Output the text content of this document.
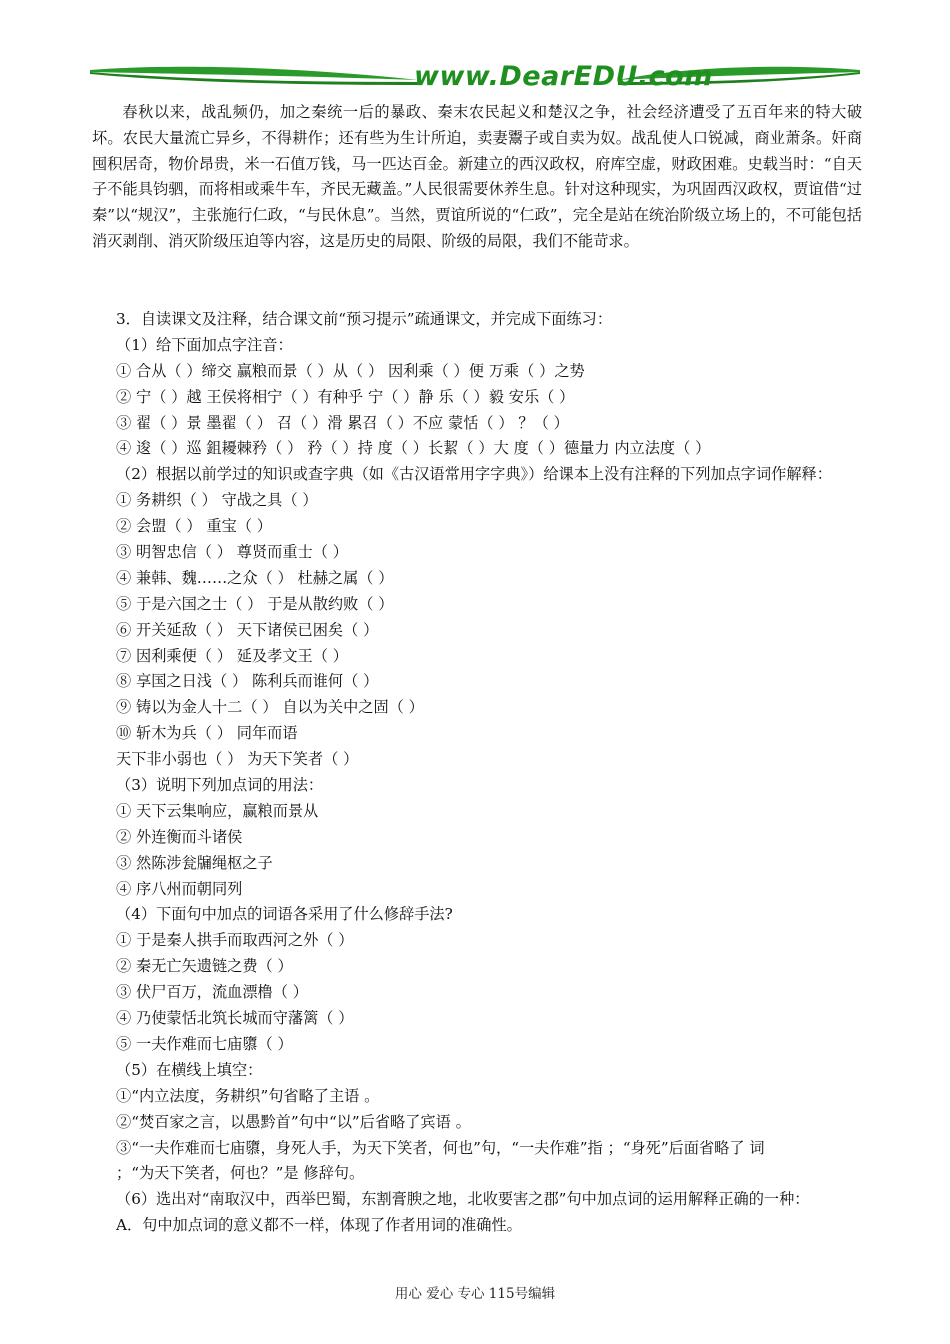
www.DearEDU.com

春秋以来，战乱频仍，加之秦统一后的暴政、秦末农民起义和楚汉之争，社会经济遭受了五百年来的特大破坏。农民大量流亡异乡，不得耕作；还有些为生计所迫，卖妻鬻子或自卖为奴。战乱使人口锐减，商业萧条。奸商囤积居奇，物价昂贵，米一石值万钱，马一匹达百金。新建立的西汉政权，府库空虚，财政困难。史载当时：“自天子不能具钧驷，而将相或乘牛车，齐民无藏盖。”人民很需要休养生息。针对这种现实，为巩固西汉政权，贾谊借“过秦”以“规汉”，主张施行仁政，“与民休息”。当然，贾谊所说的“仁政”，完全是站在统治阶级立场上的，不可能包括消灭剥削、消灭阶级压迫等内容，这是历史的局限、阶级的局限，我们不能苛求。

3．自读课文及注释，结合课文前“预习提示”疏通课文，并完成下面练习：
（1）给下面加点字注音：
① 合从（ ）缔交 赢粮而景（ ）从（ ） 因利乘（ ）便 万乘（ ）之势
② 宁（ ）越 王侯将相宁（ ）有种乎 宁（ ）静 乐（ ）毅 安乐（ ）
③ 翟（ ）景 墨翟（ ） 召（ ）滑 累召（ ）不应 蒙恬（ ） ？（ ）
④ 逡（ ）巡 鉏耰棘矜（ ） 矜（ ）持 度（ ）长絜（ ）大 度（ ）德量力 内立法度（ ）
（2）根据以前学过的知识或查字典（如《古汉语常用字字典》）给课本上没有注释的下列加点字词作解释：
① 务耕织（ ） 守战之具（ ）
② 会盟（ ） 重宝（ ）
③ 明智忠信（ ） 尊贤而重士（ ）
④ 兼韩、魏……之众（ ） 杜赫之属（ ）
⑤ 于是六国之士（ ） 于是从散约败（ ）
⑥ 开关延敌（ ） 天下诸侯已困矣（ ）
⑦ 因利乘便（ ） 延及孝文王（ ）
⑧ 享国之日浅（ ） 陈利兵而谁何（ ）
⑨ 铸以为金人十二（ ） 自以为关中之固（ ）
⑩ 斩木为兵（ ） 同年而语
天下非小弱也（ ） 为天下笑者（ ）
（3）说明下列加点词的用法：
① 天下云集响应，赢粮而景从
② 外连衡而斗诸侯
③ 然陈涉瓮牖绳枢之子
④ 序八州而朝同列
（4）下面句中加点的词语各采用了什么修辞手法?
① 于是秦人拱手而取西河之外（ ）
② 秦无亡矢遗链之费（ ）
③ 伏尸百万，流血漂橹（ ）
④ 乃使蒙恬北筑长城而守藩篱（ ）
⑤ 一夫作难而七庙隳（ ）
（5）在横线上填空：
①“内立法度，务耕织”句省略了主语 。
②“焚百家之言，以愚黔首”句中“以”后省略了宾语 。
③“一夫作难而七庙隳，身死人手，为天下笑者，何也”句，“一夫作难”指 ；“身死”后面省略了 词
；“为天下笑者，何也？”是 修辞句。
（6）选出对“南取汉中，西举巴蜀，东割膏腴之地，北收要害之郡”句中加点词的运用解释正确的一种：
A．句中加点词的意义都不一样，体现了作者用词的准确性。
用心 爱心 专心 115号编辑
